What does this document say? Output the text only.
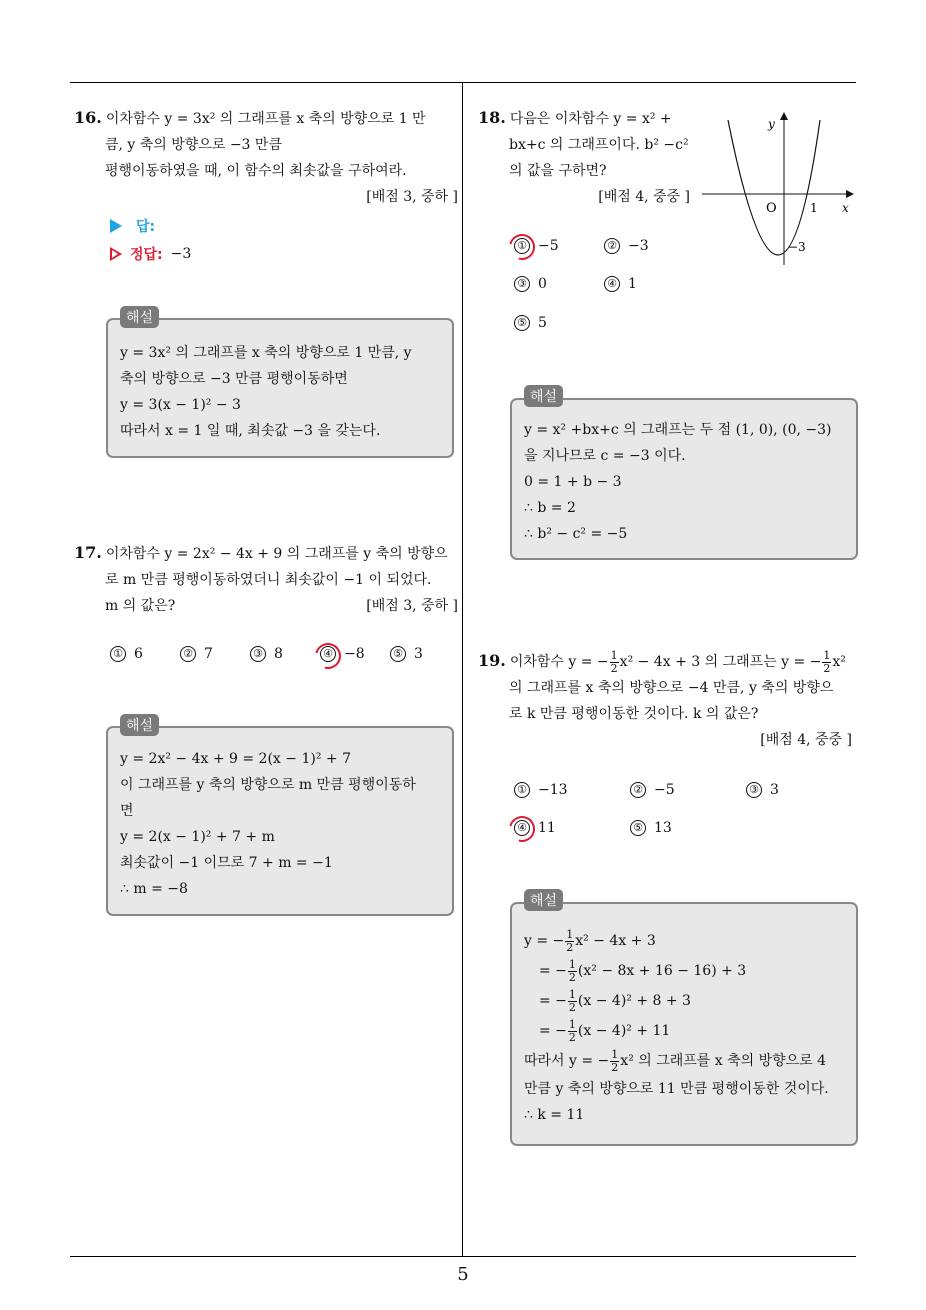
16. 이차함수 y = 3x² 의 그래프를 x 축의 방향으로 1 만
큼, y 축의 방향으로 −3 만큼
평행이동하였을 때, 이 함수의 최솟값을 구하여라.
[배점 3, 중하 ]
답:
정답: −3
y = 3x² 의 그래프를 x 축의 방향으로 1 만큼, y
축의 방향으로 −3 만큼 평행이동하면
y = 3(x − 1)² − 3
따라서 x = 1 일 때, 최솟값 −3 을 갖는다.
해설
17. 이차함수 y = 2x² − 4x + 9 의 그래프를 y 축의 방향으
로 m 만큼 평행이동하였더니 최솟값이 −1 이 되었다.
m 의 값은?	[배점 3, 중하 ]
① 6	② 7	③ 8	④ −8	⑤ 3
y = 2x² − 4x + 9 = 2(x − 1)² + 7
이 그래프를 y 축의 방향으로 m 만큼 평행이동하
면
y = 2(x − 1)² + 7 + m
최솟값이 −1 이므로 7 + m = −1
∴ m = −8
해설
18. 다음은 이차함수 y = x² +
bx+c 의 그래프이다. b² −c²
의 값을 구하면?
[배점 4, 중중 ]
y
x
O	1
−3
① −5	② −3
③ 0	④ 1
⑤ 5
y = x² +bx+c 의 그래프는 두 점 (1, 0), (0, −3)
을 지나므로 c = −3 이다.
0 = 1 + b − 3
∴ b = 2
∴ b² − c² = −5
해설
19. 이차함수 y = − $\frac{1}{2} x^2 - 4x + 3$ 의 그래프는 y = − $\frac{1}{2} x^2$
의 그래프를 x 축의 방향으로 −4 만큼, y 축의 방향으
로 k 만큼 평행이동한 것이다. k 의 값은?
[배점 4, 중중 ]
① −13	② −5	③ 3
④ 11	⑤ 13
y = − $\frac{1}{2} x^2 - 4x + 3$
= − $\frac{1}{2} (x^2 - 8x + 16 - 16) + 3$
= − $\frac{1}{2} (x - 4)^2 + 8 + 3$
= − $\frac{1}{2} (x - 4)^2 + 11$
따라서 y = − $\frac{1}{2} x^2$ 의 그래프를 x 축의 방향으로 4
만큼 y 축의 방향으로 11 만큼 평행이동한 것이다.
∴ k = 11
해설
5
